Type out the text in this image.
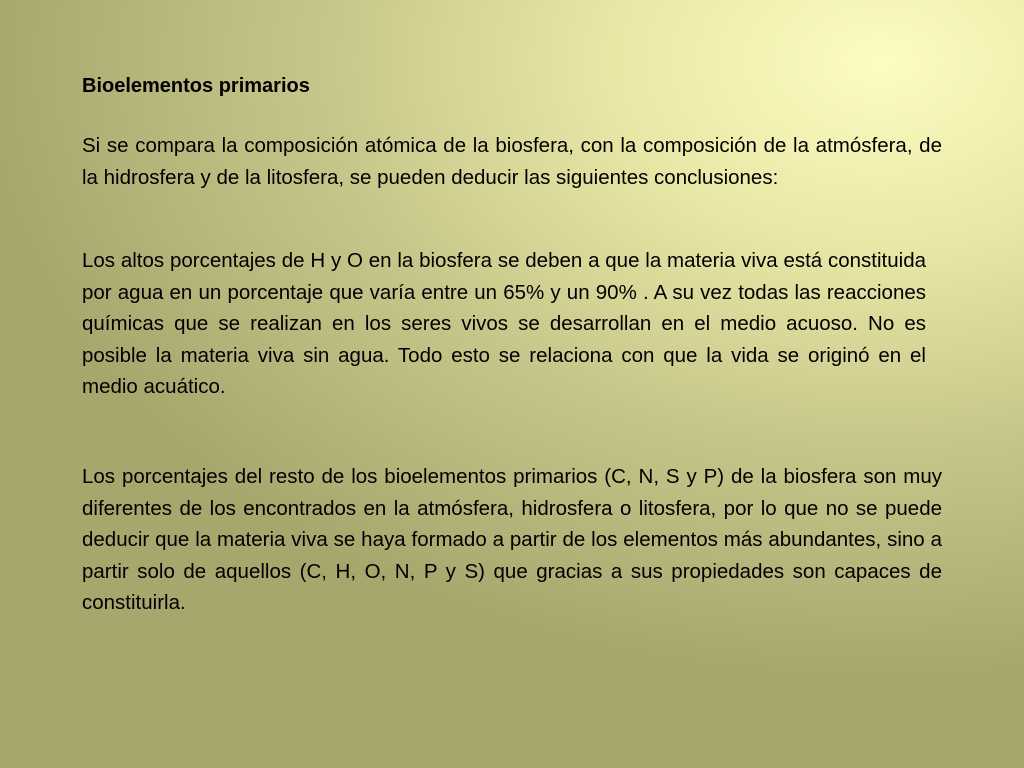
Bioelementos primarios

Si se compara la composición atómica de la biosfera, con la composición de la atmósfera, de la hidrosfera y de la litosfera, se pueden deducir las siguientes conclusiones:

Los altos porcentajes de H y O en la biosfera se deben a que la materia viva está constituida por agua en un porcentaje que varía entre un 65% y un 90% . A su vez todas las reacciones químicas que se realizan en los seres vivos se desarrollan en el medio acuoso. No es posible la materia viva sin agua. Todo esto se relaciona con que la vida se originó en el medio acuático.

Los porcentajes del resto de los bioelementos primarios (C, N, S y P) de la biosfera son muy diferentes de los encontrados en la atmósfera, hidrosfera o litosfera, por lo que no se puede deducir que la materia viva se haya formado a partir de los elementos más abundantes, sino a partir solo de aquellos (C, H, O, N, P y S) que gracias a sus propiedades son capaces de constituirla.
